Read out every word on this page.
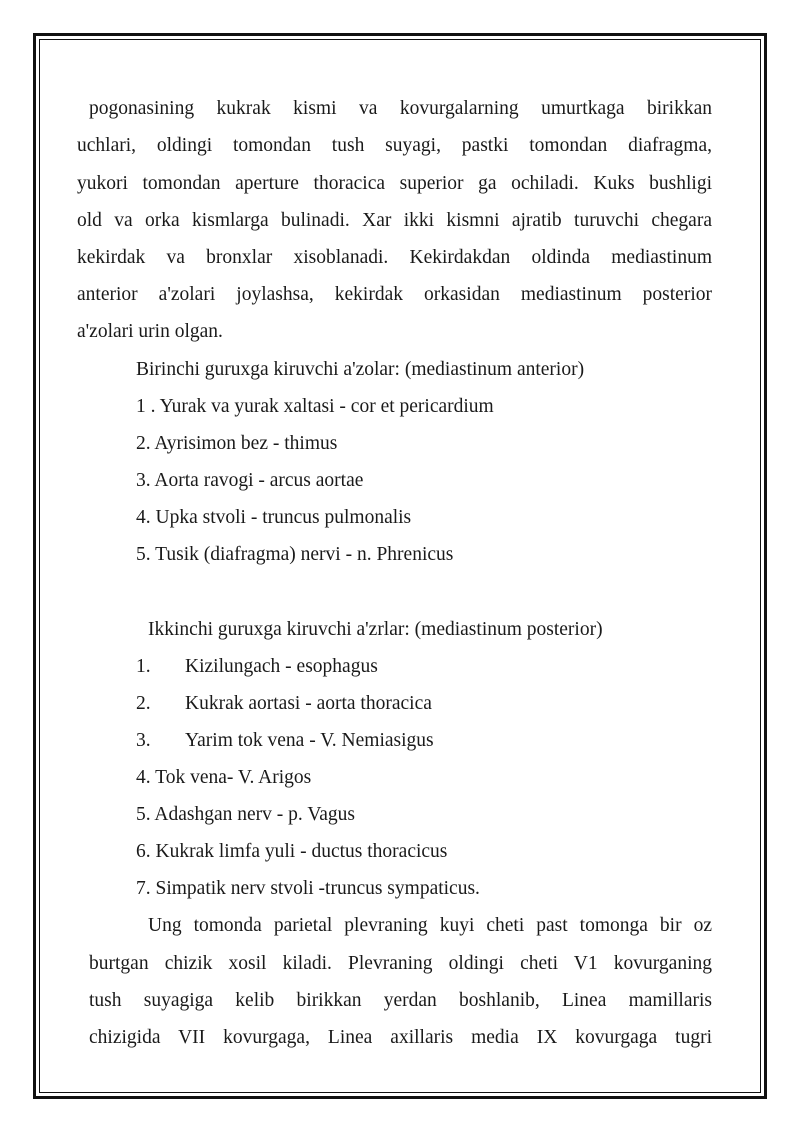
pogonasining kukrak kismi va kovurgalarning umurtkaga birikkan

uchlari, oldingi tomondan tush suyagi, pastki tomondan diafragma,

yukori tomondan aperture thoracica superior ga ochiladi. Kuks bushligi

old va orka kismlarga bulinadi. Xar ikki kismni ajratib turuvchi chegara

kekirdak va bronxlar xisoblanadi. Kekirdakdan oldinda mediastinum

anterior a'zolari joylashsa, kekirdak orkasidan mediastinum posterior

a'zolari urin olgan.

Birinchi guruxga kiruvchi a'zolar: (mediastinum anterior)

1 . Yurak va yurak xaltasi - cor et pericardium

2. Ayrisimon bez - thimus

3. Aorta ravogi - arcus aortae

4. Upka stvoli - truncus pulmonalis

5. Tusik (diafragma) nervi - n. Phrenicus

Ikkinchi guruxga kiruvchi a'zrlar: (mediastinum posterior)

1. Kizilungach - esophagus
2. Kukrak aortasi - aorta thoracica
3. Yarim tok vena - V. Nemiasigus

4. Tok vena- V. Arigos

5. Adashgan nerv - p. Vagus

6. Kukrak limfa yuli - ductus thoracicus

7. Simpatik nerv stvoli -truncus sympaticus.

Ung tomonda parietal plevraning kuyi cheti past tomonga bir oz

burtgan chizik xosil kiladi. Plevraning oldingi cheti V1 kovurganing

tush suyagiga kelib birikkan yerdan boshlanib, Linea mamillaris

chizigida VII kovurgaga, Linea axillaris media IX kovurgaga tugri
